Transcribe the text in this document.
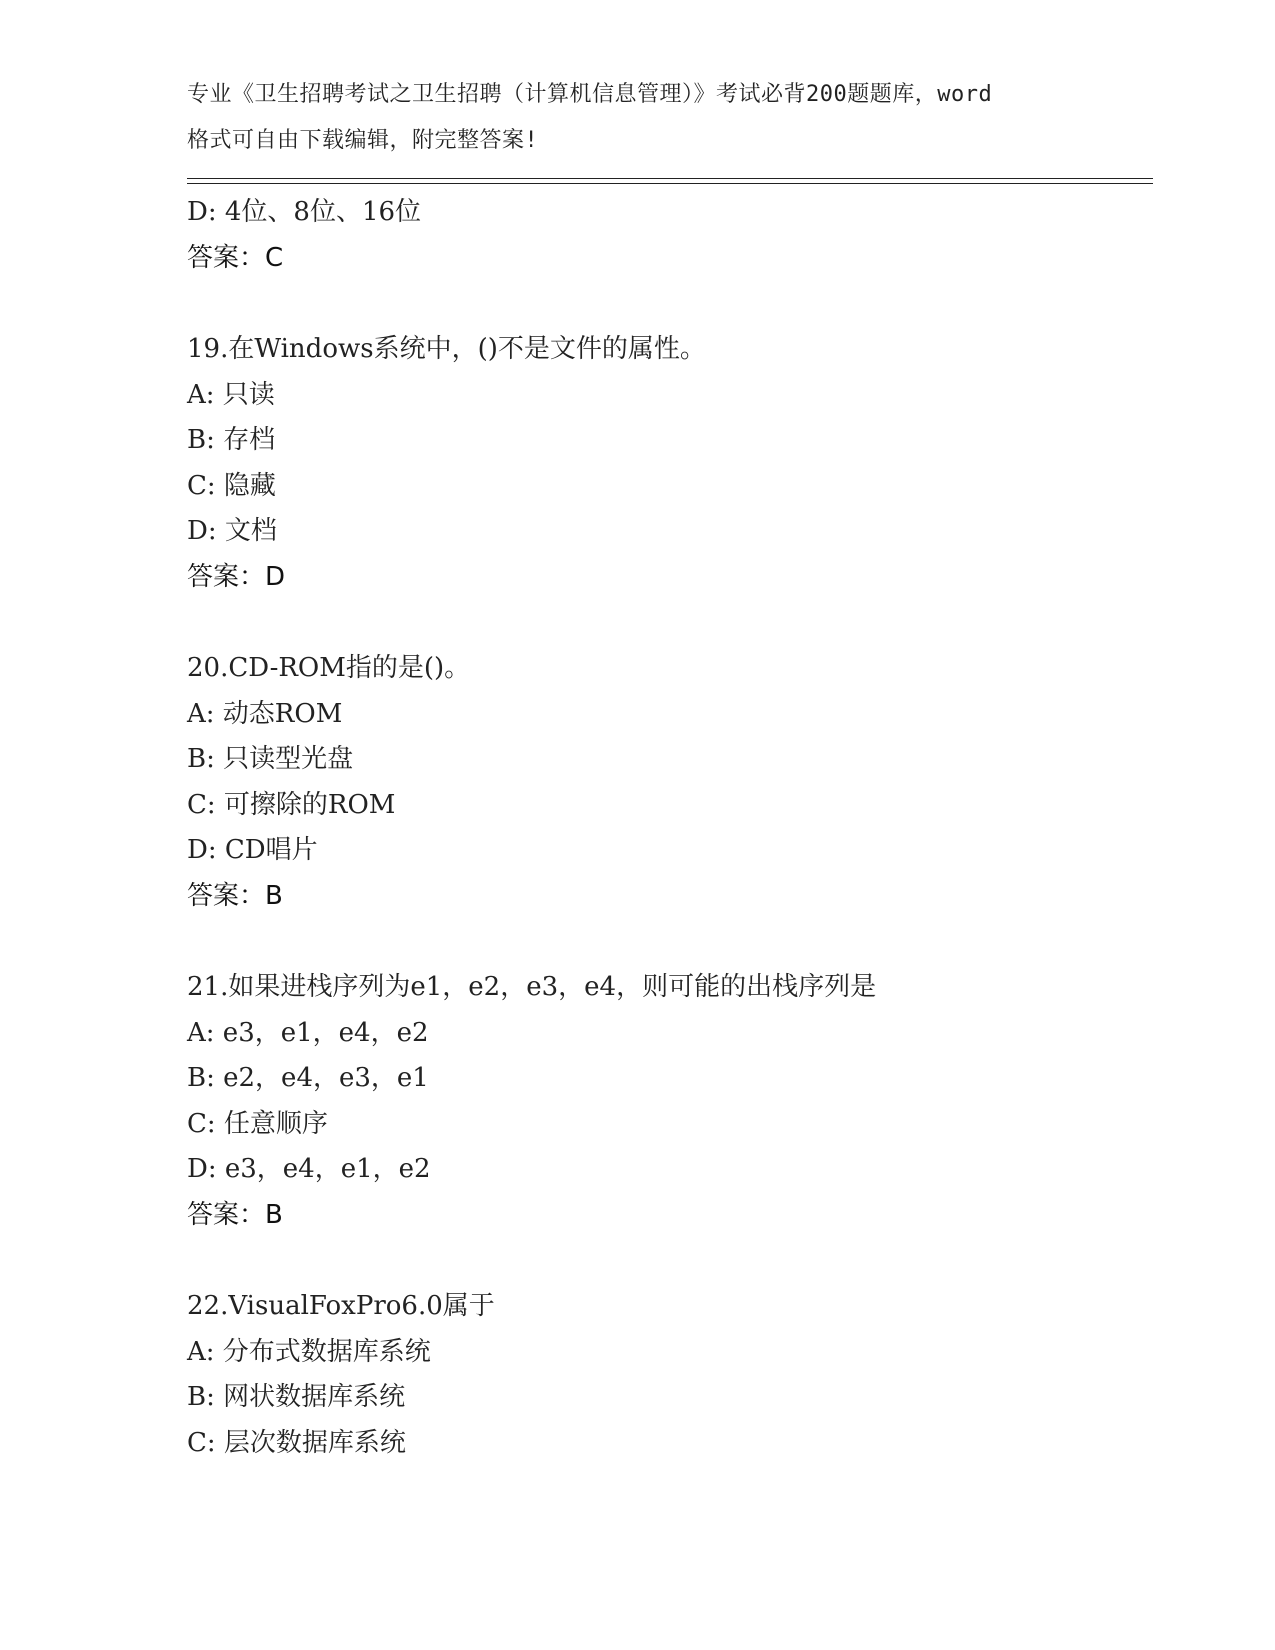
专业《卫生招聘考试之卫生招聘（计算机信息管理）》考试必背200题题库，word
格式可自由下载编辑，附完整答案!
D: 4位、8位、16位
答案：C
19.在Windows系统中，()不是文件的属性。
A: 只读
B: 存档
C: 隐藏
D: 文档
答案：D
20.CD-ROM指的是()。
A: 动态ROM
B: 只读型光盘
C: 可擦除的ROM
D: CD唱片
答案：B
21.如果进栈序列为e1，e2，e3，e4，则可能的出栈序列是
A: e3，e1，e4，e2
B: e2，e4，e3，e1
C: 任意顺序
D: e3，e4，e1，e2
答案：B
22.VisualFoxPro6.0属于
A: 分布式数据库系统
B: 网状数据库系统
C: 层次数据库系统
